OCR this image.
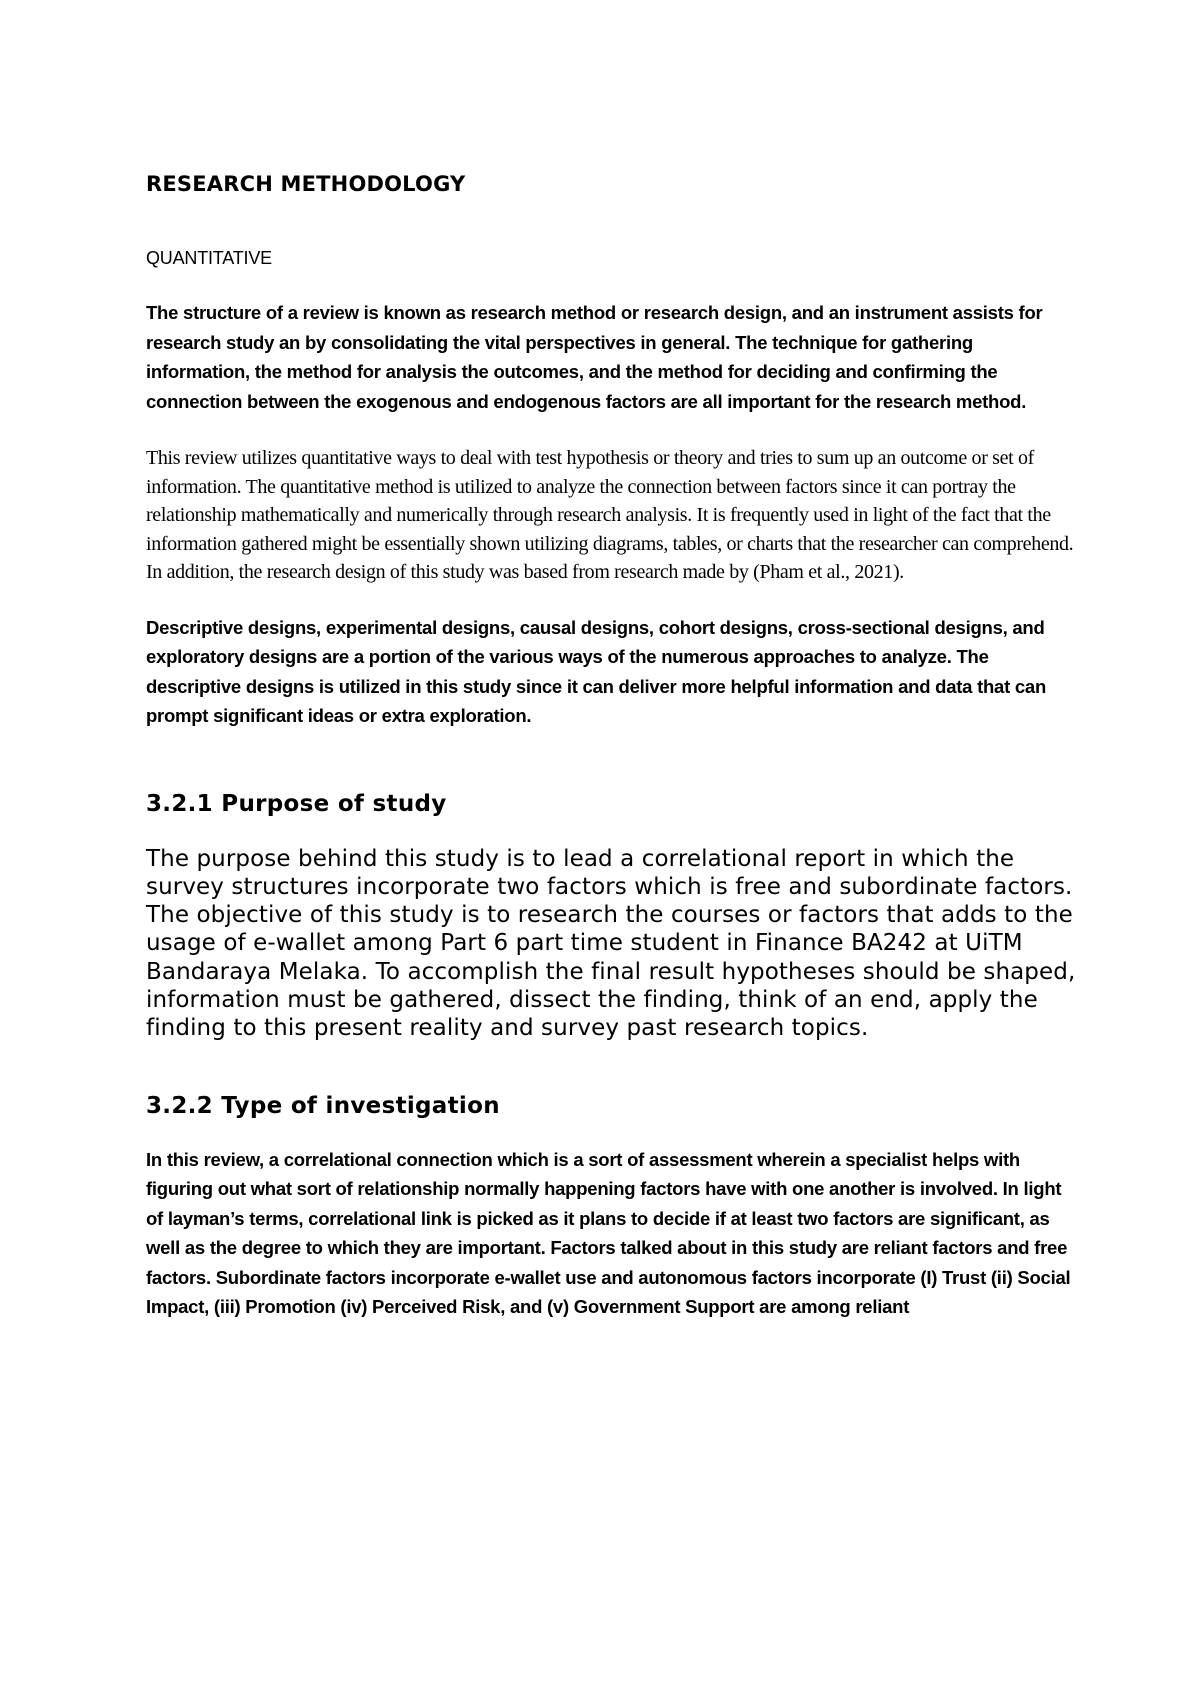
RESEARCH METHODOLOGY

QUANTITATIVE

The structure of a review is known as research method or research design, and an instrument assists for research study an by consolidating the vital perspectives in general. The technique for gathering information, the method for analysis the outcomes, and the method for deciding and confirming the connection between the exogenous and endogenous factors are all important for the research method.

This review utilizes quantitative ways to deal with test hypothesis or theory and tries to sum up an outcome or set of information. The quantitative method is utilized to analyze the connection between factors since it can portray the relationship mathematically and numerically through research analysis. It is frequently used in light of the fact that the information gathered might be essentially shown utilizing diagrams, tables, or charts that the researcher can comprehend. In addition, the research design of this study was based from research made by (Pham et al., 2021).

Descriptive designs, experimental designs, causal designs, cohort designs, cross-sectional designs, and exploratory designs are a portion of the various ways of the numerous approaches to analyze. The descriptive designs is utilized in this study since it can deliver more helpful information and data that can prompt significant ideas or extra exploration.

3.2.1 Purpose of study

The purpose behind this study is to lead a correlational report in which the survey structures incorporate two factors which is free and subordinate factors. The objective of this study is to research the courses or factors that adds to the usage of e-wallet among Part 6 part time student in Finance BA242 at UiTM Bandaraya Melaka. To accomplish the final result hypotheses should be shaped, information must be gathered, dissect the finding, think of an end, apply the finding to this present reality and survey past research topics.

3.2.2 Type of investigation

In this review, a correlational connection which is a sort of assessment wherein a specialist helps with figuring out what sort of relationship normally happening factors have with one another is involved. In light of layman’s terms, correlational link is picked as it plans to decide if at least two factors are significant, as well as the degree to which they are important. Factors talked about in this study are reliant factors and free factors. Subordinate factors incorporate e-wallet use and autonomous factors incorporate (I) Trust (ii) Social Impact, (iii) Promotion (iv) Perceived Risk, and (v) Government Support are among reliant
